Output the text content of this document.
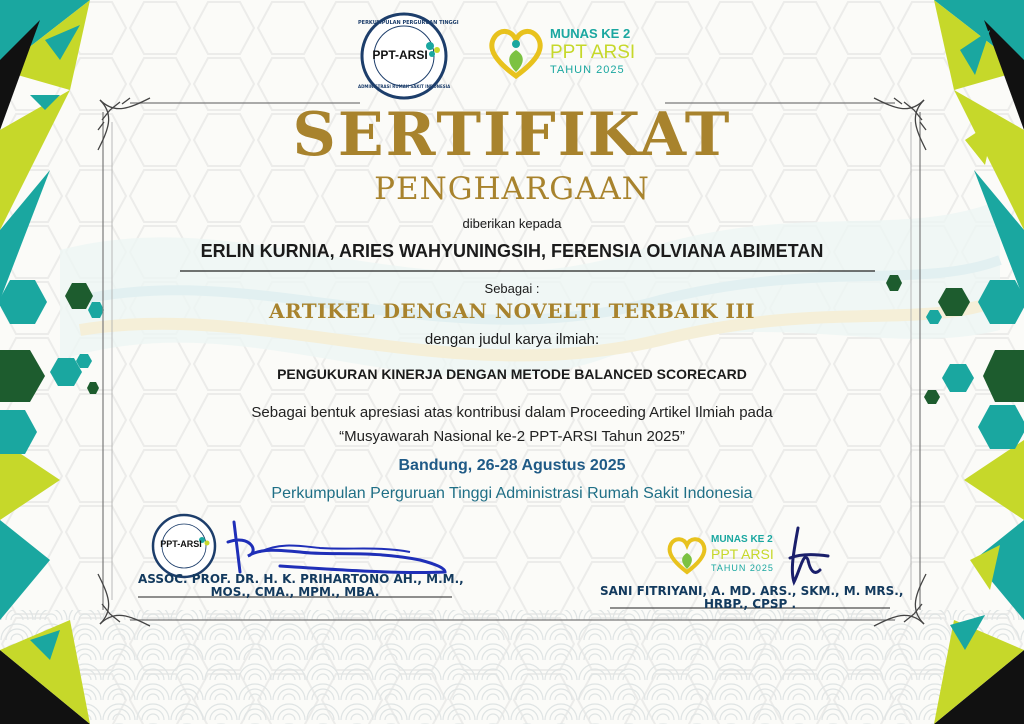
PERKUMPULAN PERGURUAN TINGGI
PPT-ARSI
ADMINISTRASI RUMAH SAKIT INDONESIA
MUNAS KE 2
PPT ARSI
TAHUN 2025
SERTIFIKAT
PENGHARGAAN
diberikan kepada
ERLIN KURNIA, ARIES WAHYUNINGSIH, FERENSIA OLVIANA ABIMETAN
Sebagai :
ARTIKEL DENGAN NOVELTI TERBAIK III
dengan judul karya ilmiah:
PENGUKURAN KINERJA DENGAN METODE BALANCED SCORECARD
Sebagai bentuk apresiasi atas kontribusi dalam Proceeding Artikel Ilmiah pada
“Musyawarah Nasional ke-2 PPT-ARSI Tahun 2025”
Bandung, 26-28 Agustus 2025
Perkumpulan Perguruan Tinggi Administrasi Rumah Sakit Indonesia
PPT-ARSI
ASSOC. PROF. DR. H. K. PRIHARTONO AH., M.M.,
MOS., CMA., MPM., MBA.
MUNAS KE 2
PPT ARSI
TAHUN 2025
SANI FITRIYANI, A. MD. ARS., SKM., M. MRS.,
HRBP., CPSP .
